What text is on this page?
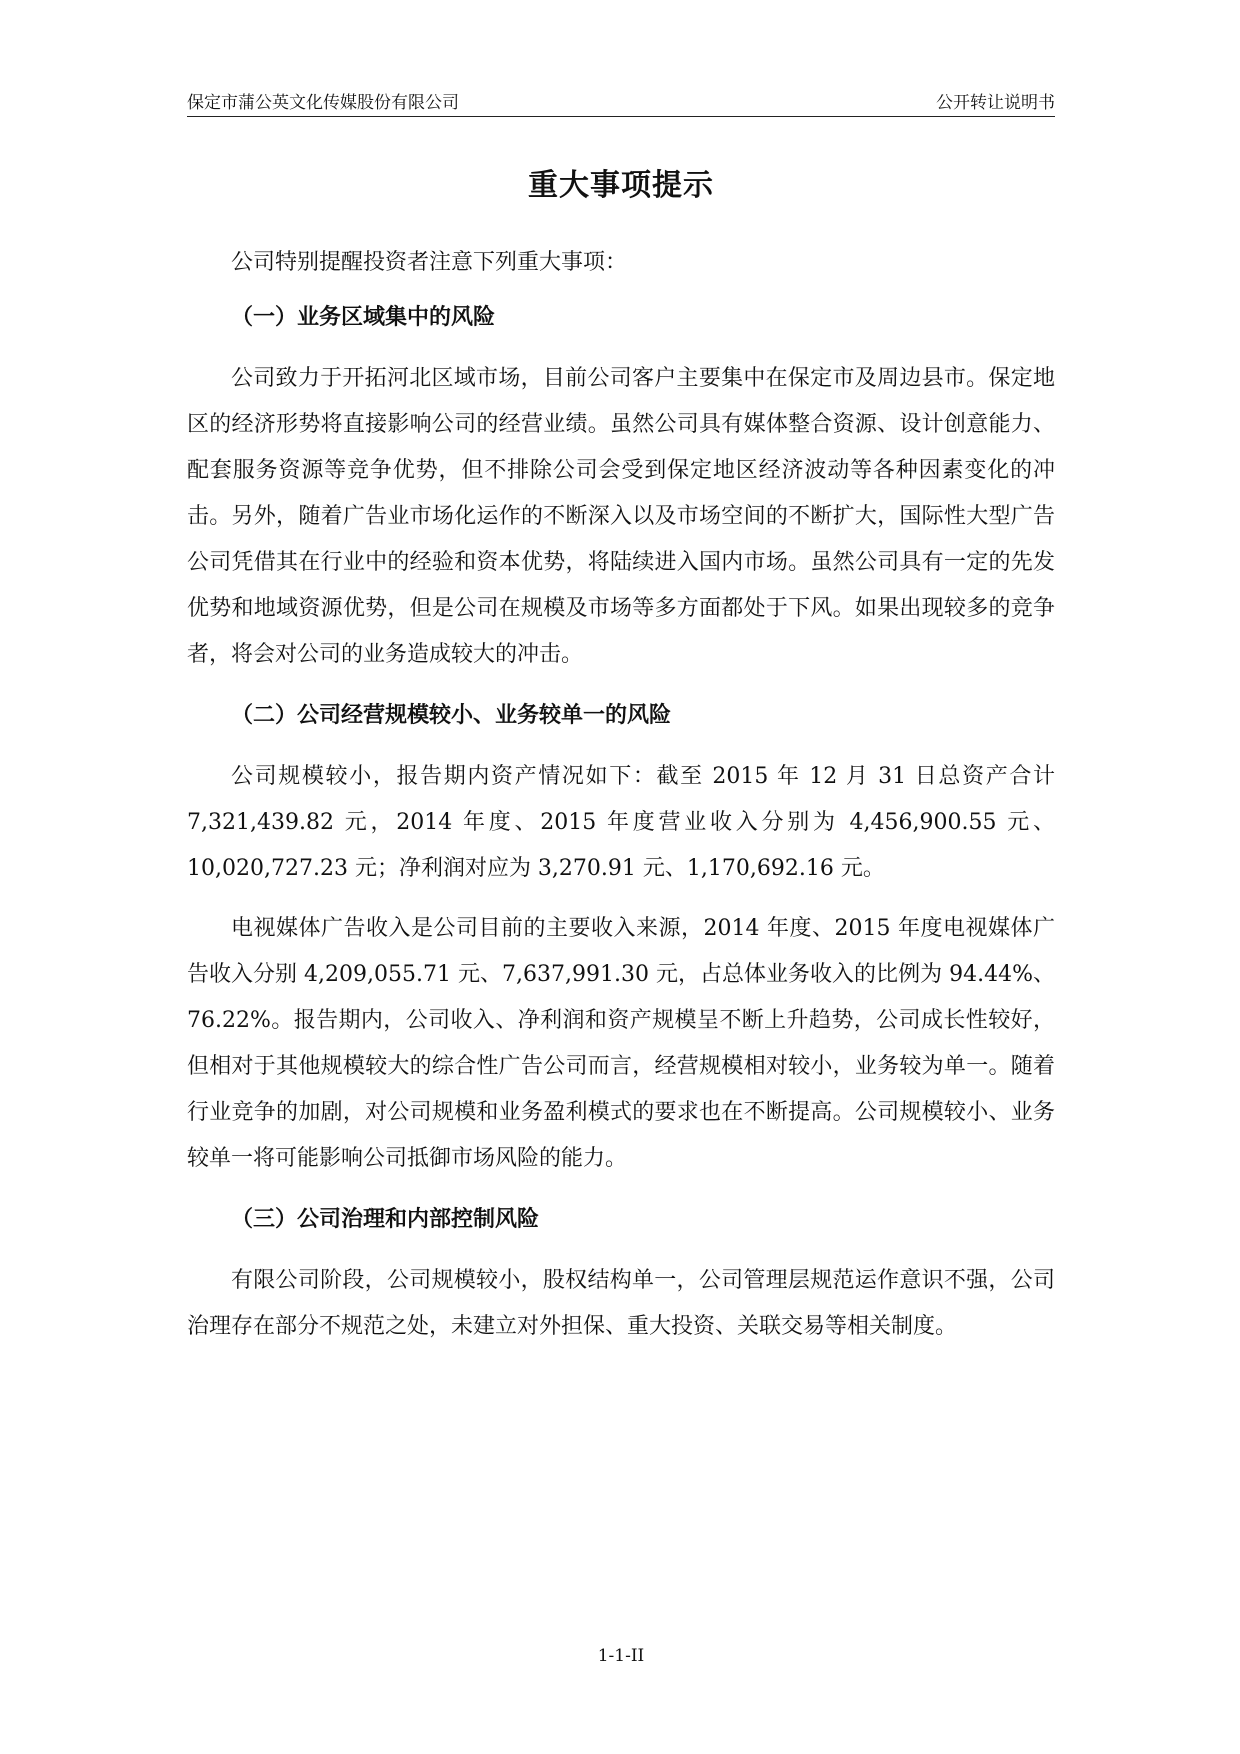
保定市蒲公英文化传媒股份有限公司	公开转让说明书
重大事项提示

公司特别提醒投资者注意下列重大事项：

（一）业务区域集中的风险

公司致力于开拓河北区域市场，目前公司客户主要集中在保定市及周边县市。保定地区的经济形势将直接影响公司的经营业绩。虽然公司具有媒体整合资源、设计创意能力、配套服务资源等竞争优势，但不排除公司会受到保定地区经济波动等各种因素变化的冲击。另外，随着广告业市场化运作的不断深入以及市场空间的不断扩大，国际性大型广告公司凭借其在行业中的经验和资本优势，将陆续进入国内市场。虽然公司具有一定的先发优势和地域资源优势，但是公司在规模及市场等多方面都处于下风。如果出现较多的竞争者，将会对公司的业务造成较大的冲击。

（二）公司经营规模较小、业务较单一的风险

公司规模较小，报告期内资产情况如下：截至 2015 年 12 月 31 日总资产合计 7,321,439.82 元，2014 年度、2015 年度营业收入分别为 4,456,900.55 元、10,020,727.23 元；净利润对应为 3,270.91 元、1,170,692.16 元。

电视媒体广告收入是公司目前的主要收入来源，2014 年度、2015 年度电视媒体广告收入分别 4,209,055.71 元、7,637,991.30 元，占总体业务收入的比例为 94.44%、76.22%。报告期内，公司收入、净利润和资产规模呈不断上升趋势，公司成长性较好，但相对于其他规模较大的综合性广告公司而言，经营规模相对较小，业务较为单一。随着行业竞争的加剧，对公司规模和业务盈利模式的要求也在不断提高。公司规模较小、业务较单一将可能影响公司抵御市场风险的能力。

（三）公司治理和内部控制风险

有限公司阶段，公司规模较小，股权结构单一，公司管理层规范运作意识不强，公司治理存在部分不规范之处，未建立对外担保、重大投资、关联交易等相关制度。

1-1-II
